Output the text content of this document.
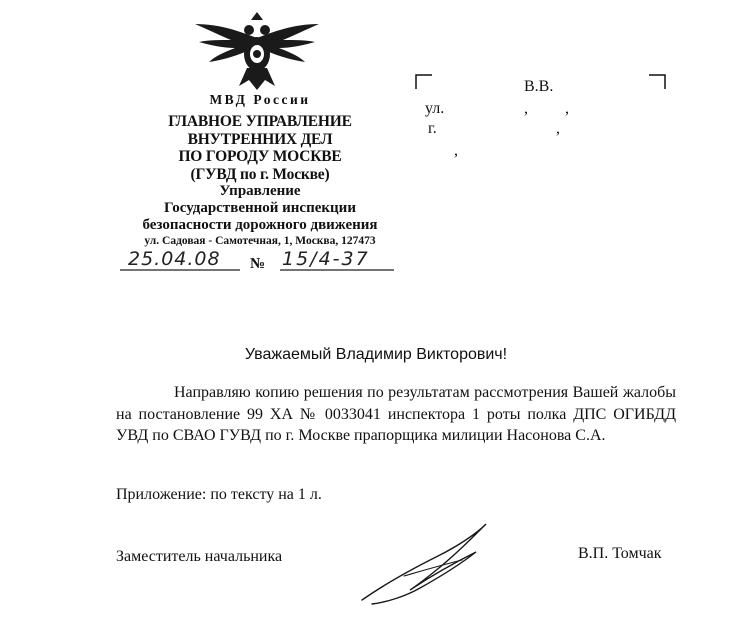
МВД России
ГЛАВНОЕ УПРАВЛЕНИЕ
ВНУТРЕННИХ ДЕЛ
ПО ГОРОДУ МОСКВЕ
(ГУВД по г. Москве)
Управление
Государственной инспекции
безопасности дорожного движения
ул. Садовая - Самотечная, 1, Москва, 127473
25.04.08 № 15/4-37
В.В.
ул.	, ,
г.	,
,
Уважаемый Владимир Викторович!
Направляю копию решения по результатам рассмотрения Вашей жалобы на постановление 99 ХА № 0033041 инспектора 1 роты полка ДПС ОГИБДД УВД по СВАО ГУВД по г. Москве прапорщика милиции Насонова С.А.
Приложение: по тексту на 1 л.
Заместитель начальника	В.П. Томчак
